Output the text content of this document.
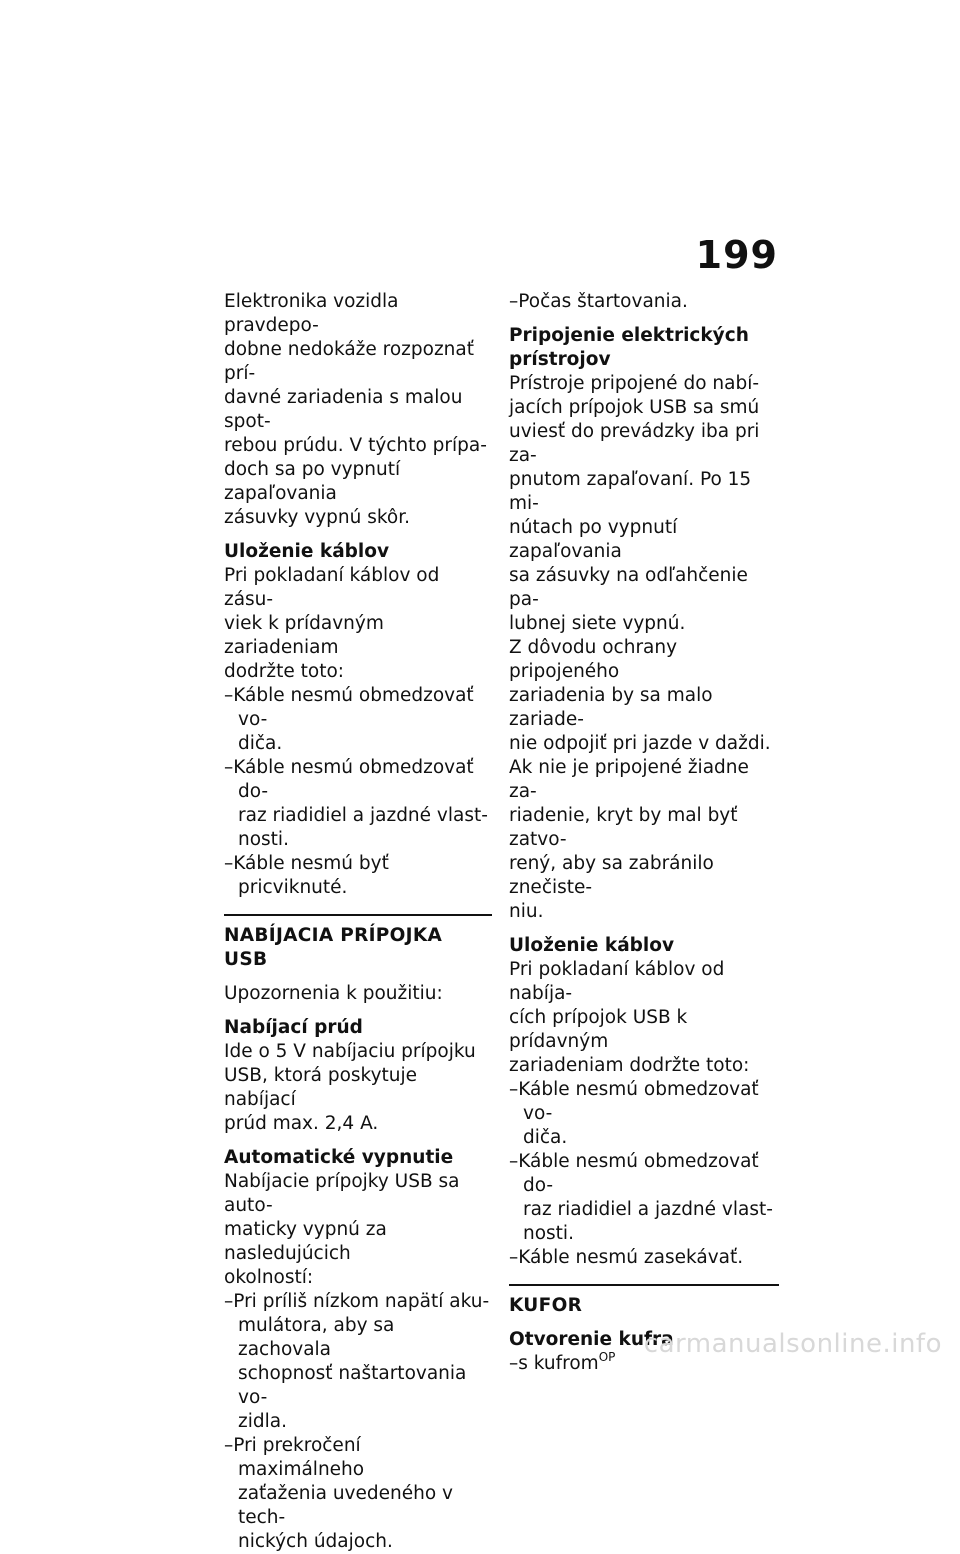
199

Elektronika vozidla pravdepo-
dobne nedokáže rozpoznať prí-
davné zariadenia s malou spot-
rebou prúdu. V týchto prípa-
doch sa po vypnutí zapaľovania
zásuvky vypnú skôr.

Uloženie káblov

Pri pokladaní káblov od zásu-
viek k prídavným zariadeniam
dodržte toto:

–Káble nesmú obmedzovať vo-
diča.

–Káble nesmú obmedzovať do-
raz riadidiel a jazdné vlast-
nosti.

–Káble nesmú byť pricviknuté.

NABÍJACIA PRÍPOJKA USB

Upozornenia k použitiu:

Nabíjací prúd

Ide o 5 V nabíjaciu prípojku
USB, ktorá poskytuje nabíjací
prúd max. 2,4 A.

Automatické vypnutie

Nabíjacie prípojky USB sa auto-
maticky vypnú za nasledujúcich
okolností:

–Pri príliš nízkom napätí aku-
mulátora, aby sa zachovala
schopnosť naštartovania vo-
zidla.

–Pri prekročení maximálneho
zaťaženia uvedeného v tech-
nických údajoch.

–Počas štartovania.

Pripojenie elektrických
prístrojov

Prístroje pripojené do nabí-
jacích prípojok USB sa smú
uviesť do prevádzky iba pri za-
pnutom zapaľovaní. Po 15 mi-
nútach po vypnutí zapaľovania
sa zásuvky na odľahčenie pa-
lubnej siete vypnú.

Z dôvodu ochrany pripojeného
zariadenia by sa malo zariade-
nie odpojiť pri jazde v daždi.

Ak nie je pripojené žiadne za-
riadenie, kryt by mal byť zatvo-
rený, aby sa zabránilo znečiste-
niu.

Uloženie káblov

Pri pokladaní káblov od nabíja-
cích prípojok USB k prídavným
zariadeniam dodržte toto:

–Káble nesmú obmedzovať vo-
diča.

–Káble nesmú obmedzovať do-
raz riadidiel a jazdné vlast-
nosti.

–Káble nesmú zasekávať.

KUFOR

Otvorenie kufra

–s kufrom$^{OP}$	carmanualsonline.info
